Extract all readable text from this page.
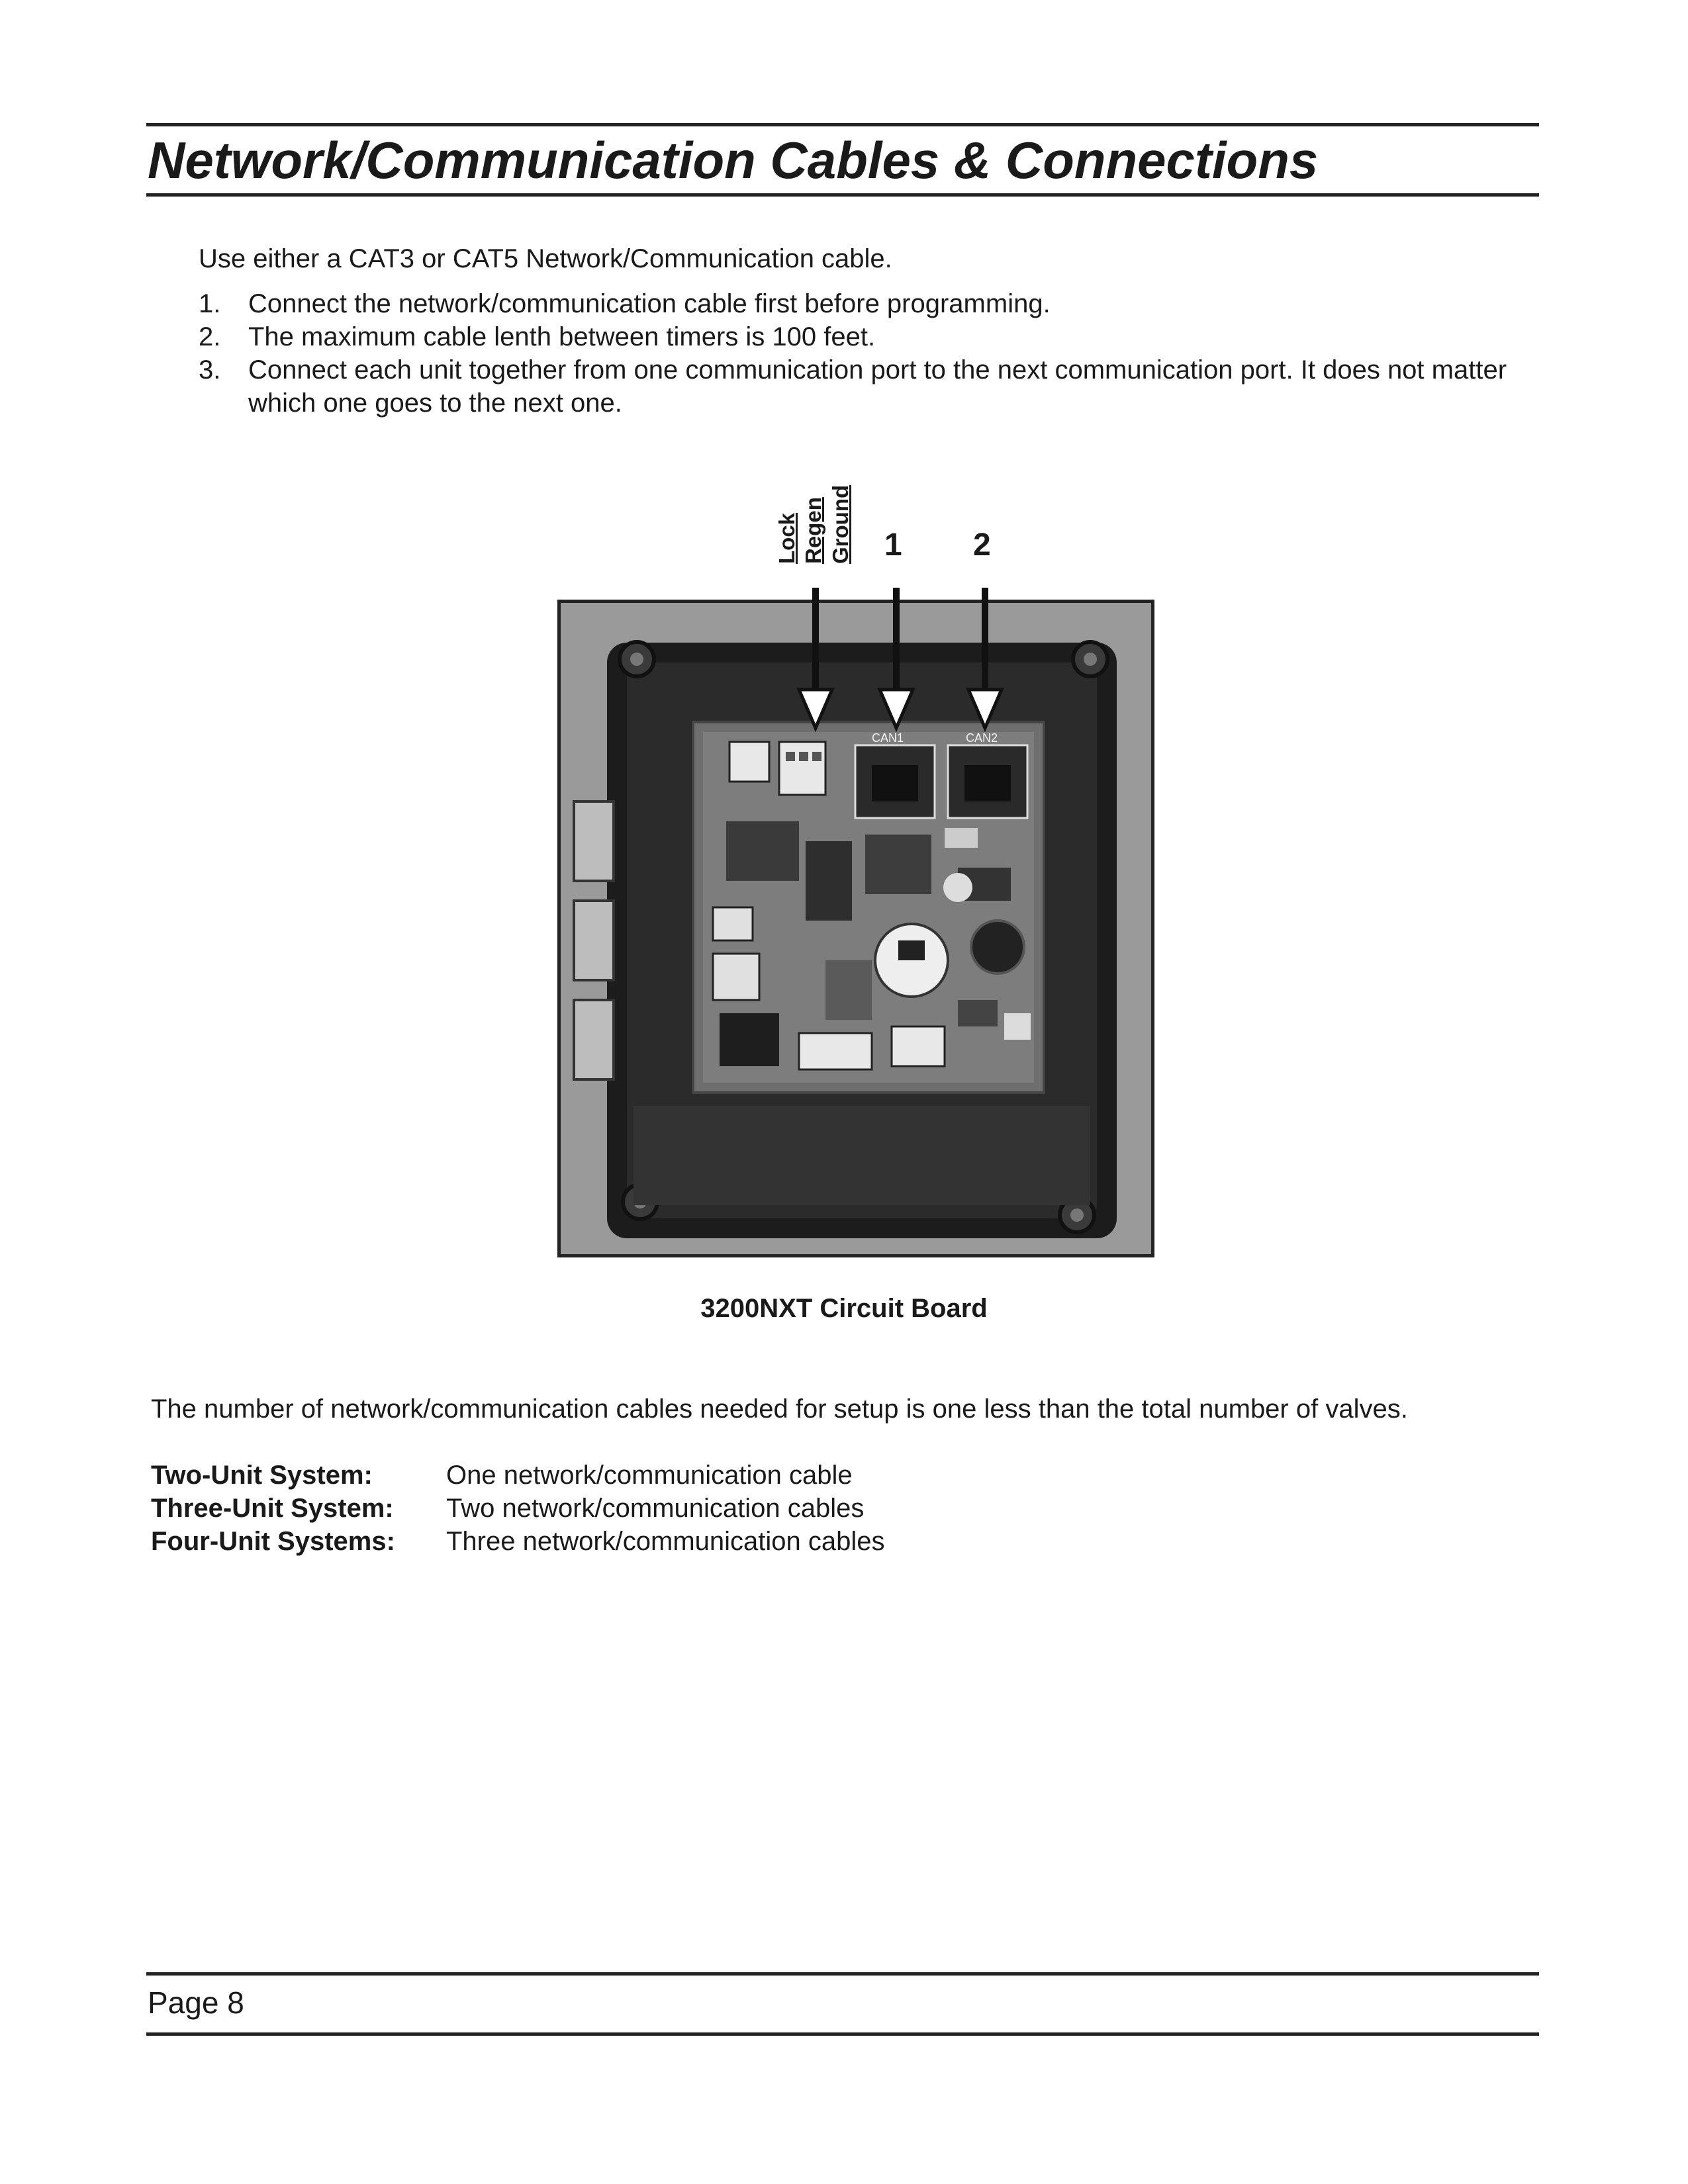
Network/Communication Cables & Connections

Use either a CAT3 or CAT5 Network/Communication cable.

1. Connect the network/communication cable first before programming.
2. The maximum cable lenth between timers is 100 feet.
3. Connect each unit together from one communication port to the next communication port. It does not matter which one goes to the next one.
Lock Regen Ground 1 2
CAN1	CAN2
3200NXT Circuit Board

The number of network/communication cables needed for setup is one less than the total number of valves.

Two-Unit System:	One network/communication cable
Three-Unit System: Two network/communication cables
Four-Unit Systems: Three network/communication cables

Page 8
